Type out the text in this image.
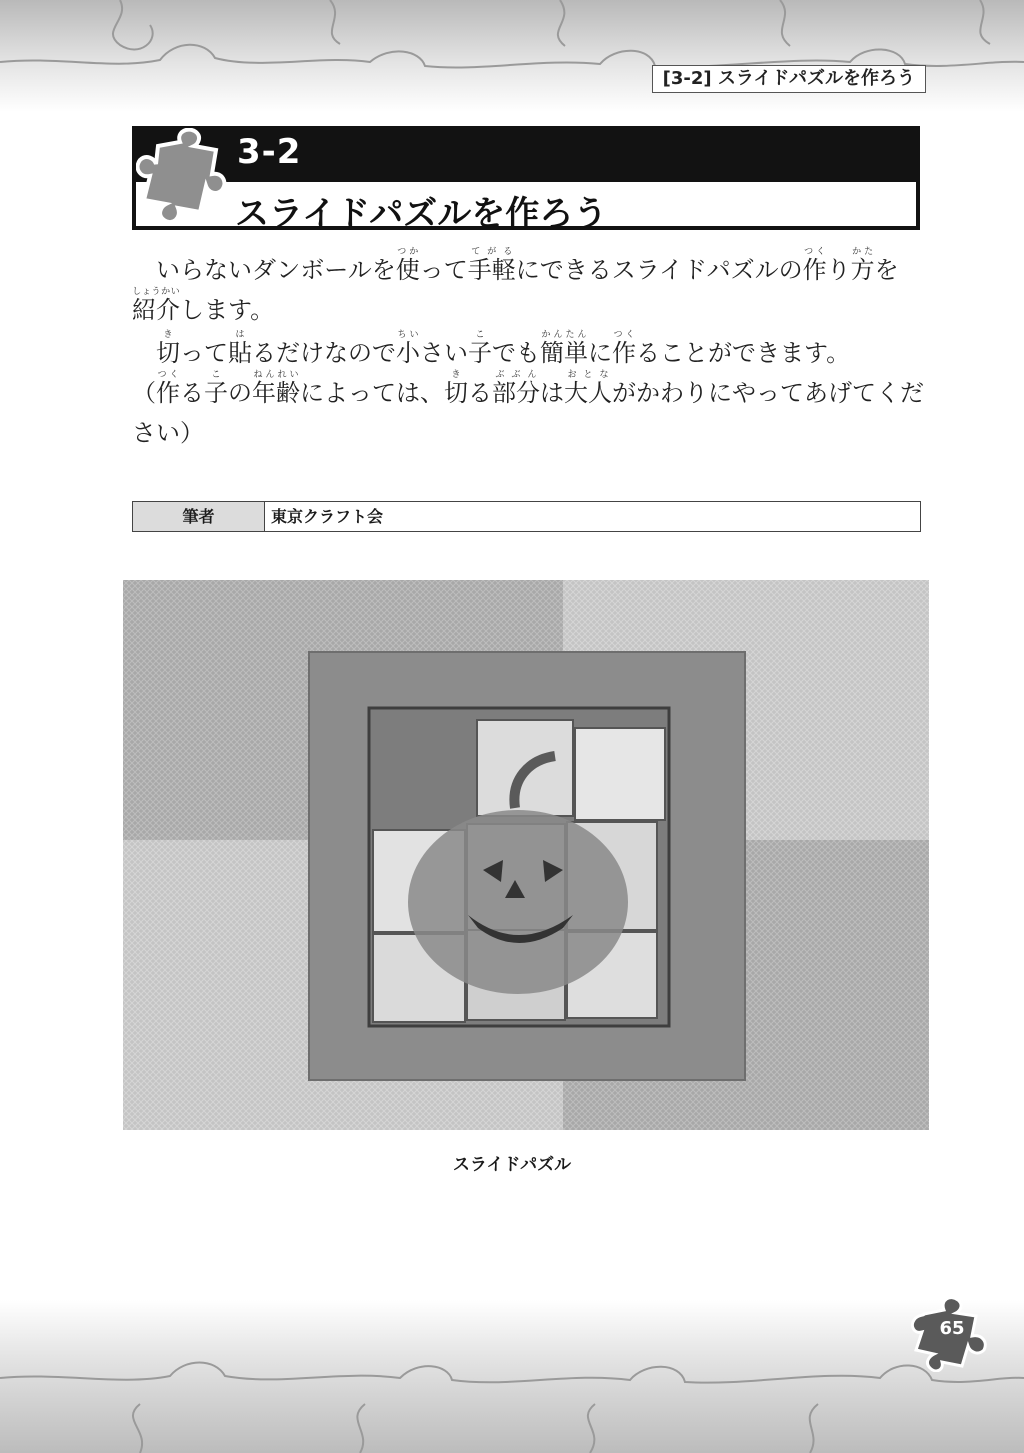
[3-2] スライドパズルを作ろう
3-2
スライドパズルを作ろう

いらないダンボールを使つかって手軽てがるにできるスライドパズルの作つくり方かたを
紹介しょうかいします。

切きって貼はるだけなので小ちいさい子こでも簡単かんたんに作つくることができます。
（作つくる子この年齢ねんれいによっては、切きる部分ぶぶんは大人おとながかわりにやってあげてくだ
さい）

筆者	東京クラフト会
スライドパズル
65
